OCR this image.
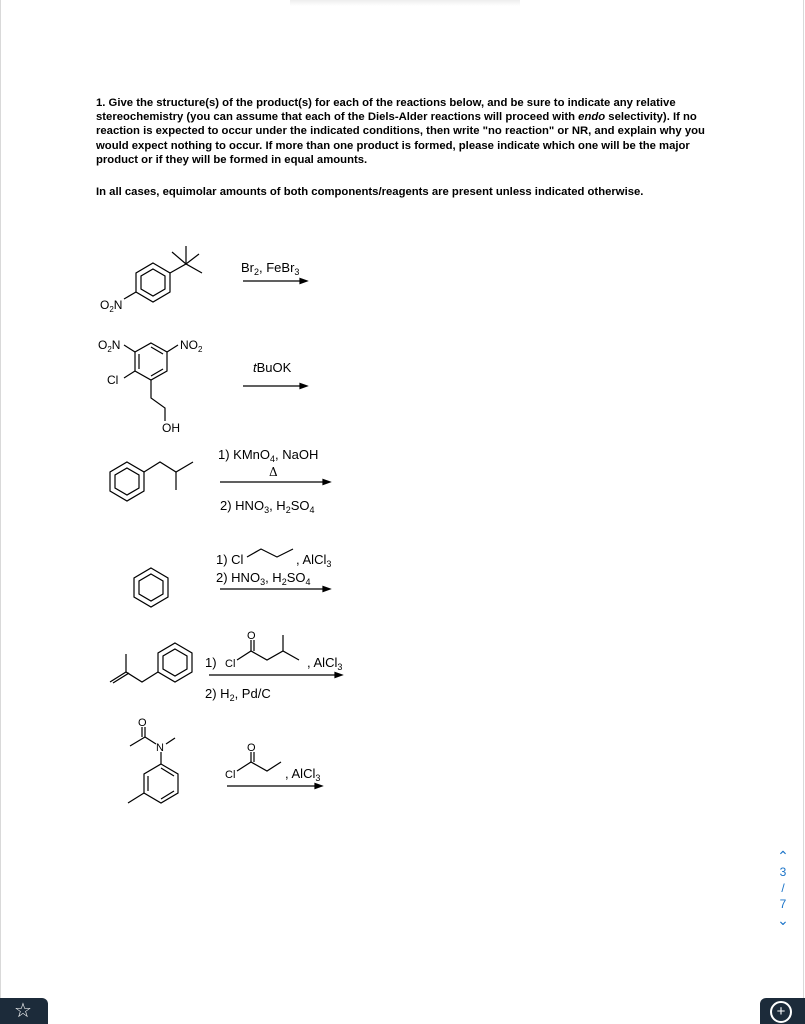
1. Give the structure(s) of the product(s) for each of the reactions below, and be sure to indicate any relative stereochemistry (you can assume that each of the Diels-Alder reactions will proceed with endo selectivity). If no reaction is expected to occur under the indicated conditions, then write "no reaction" or NR, and explain why you would expect nothing to occur. If more than one product is formed, please indicate which one will be the major product or if they will be formed in equal amounts.
In all cases, equimolar amounts of both components/reagents are present unless indicated otherwise.
$O_2N$
$Br_2$, FeBr$_3$
$O_2N$	$NO_2$
Cl
OH
tBuOK
1) KMnO$_4$, NaOH
Δ
2) $HNO_3$, $H_2SO_4$
1) Cl	, AlCl$_3$
2) $HNO_3$, $H_2SO_4$
1) Cl
O
, AlCl$_3$
2) $H_2$, Pd/C
N
O
Cl
O
, AlCl$_3$
⌃
3
/
7
⌄
☆	+
